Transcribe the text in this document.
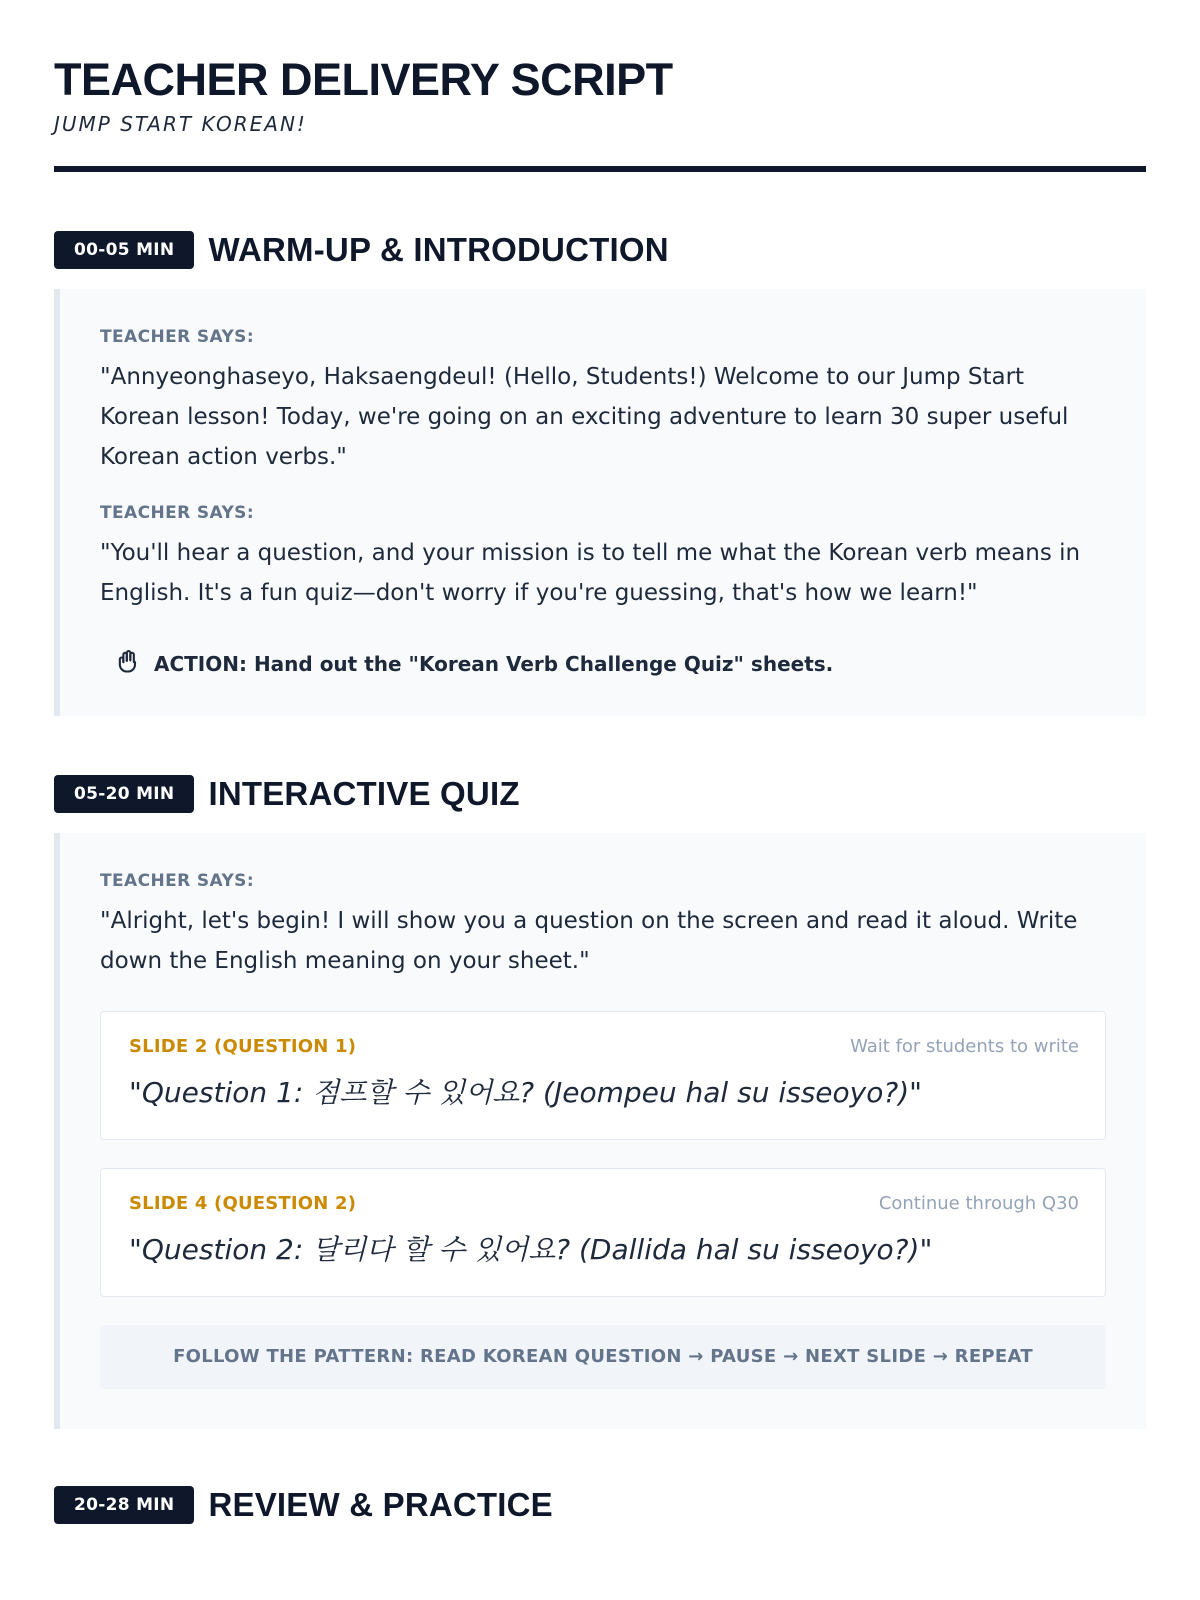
TEACHER DELIVERY SCRIPT
JUMP START KOREAN!
00-05 MIN	WARM-UP & INTRODUCTION
TEACHER SAYS:
"Annyeonghaseyo, Haksaengdeul! (Hello, Students!) Welcome to our Jump Start Korean lesson! Today, we're going on an exciting adventure to learn 30 super useful Korean action verbs."
TEACHER SAYS:
"You'll hear a question, and your mission is to tell me what the Korean verb means in English. It's a fun quiz—don't worry if you're guessing, that's how we learn!"
ACTION: Hand out the "Korean Verb Challenge Quiz" sheets.
05-20 MIN	INTERACTIVE QUIZ
TEACHER SAYS:
"Alright, let's begin! I will show you a question on the screen and read it aloud. Write down the English meaning on your sheet."
SLIDE 2 (QUESTION 1)	Wait for students to write
"Question 1: 점프할 수 있어요? (Jeompeu hal su isseoyo?)"
SLIDE 4 (QUESTION 2)	Continue through Q30
"Question 2: 달리다 할 수 있어요? (Dallida hal su isseoyo?)"
FOLLOW THE PATTERN: READ KOREAN QUESTION → PAUSE → NEXT SLIDE → REPEAT
20-28 MIN	REVIEW & PRACTICE
